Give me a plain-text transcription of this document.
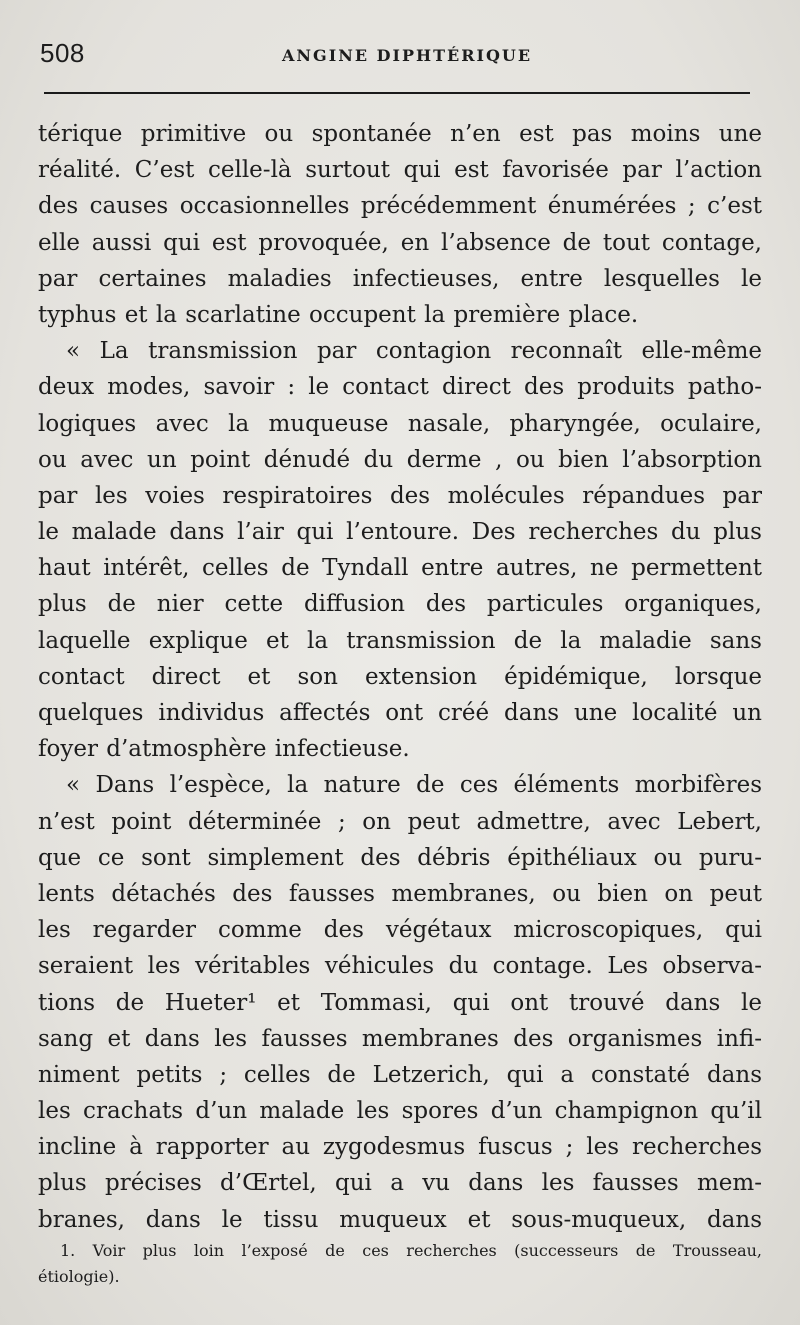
508	ANGINE DIPHTÉRIQUE
térique primitive ou spontanée n’en est pas moins une
réalité. C’est celle-là surtout qui est favorisée par l’action
des causes occasionnelles précédemment énumérées ; c’est
elle aussi qui est provoquée, en l’absence de tout contage,
par certaines maladies infectieuses, entre lesquelles le
typhus et la scarlatine occupent la première place.
« La transmission par contagion reconnaît elle-même
deux modes, savoir : le contact direct des produits patho-
logiques avec la muqueuse nasale, pharyngée, oculaire,
ou avec un point dénudé du derme , ou bien l’absorption
par les voies respiratoires des molécules répandues par
le malade dans l’air qui l’entoure. Des recherches du plus
haut intérêt, celles de Tyndall entre autres, ne permettent
plus de nier cette diffusion des particules organiques,
laquelle explique et la transmission de la maladie sans
contact direct et son extension épidémique, lorsque
quelques individus affectés ont créé dans une localité un
foyer d’atmosphère infectieuse.
« Dans l’espèce, la nature de ces éléments morbifères
n’est point déterminée ; on peut admettre, avec Lebert,
que ce sont simplement des débris épithéliaux ou puru-
lents détachés des fausses membranes, ou bien on peut
les regarder comme des végétaux microscopiques, qui
seraient les véritables véhicules du contage. Les observa-
tions de Hueter¹ et Tommasi, qui ont trouvé dans le
sang et dans les fausses membranes des organismes infi-
niment petits ; celles de Letzerich, qui a constaté dans
les crachats d’un malade les spores d’un champignon qu’il
incline à rapporter au zygodesmus fuscus ; les recherches
plus précises d’Œrtel, qui a vu dans les fausses mem-
branes, dans le tissu muqueux et sous-muqueux, dans
1. Voir plus loin l’exposé de ces recherches (successeurs de Trousseau,
étiologie).
